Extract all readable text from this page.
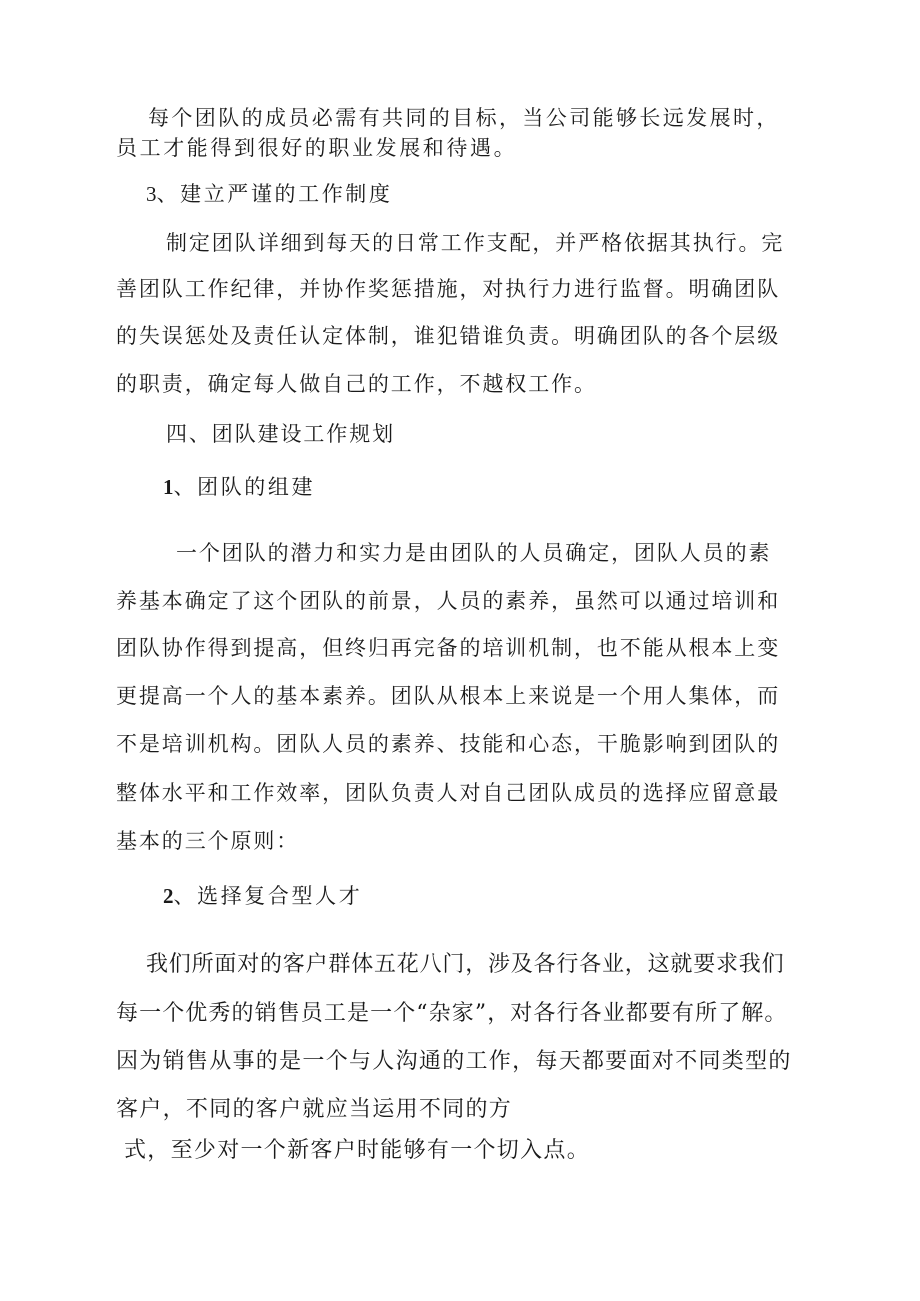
每个团队的成员必需有共同的目标，当公司能够长远发展时，
员工才能得到很好的职业发展和待遇。
3、建立严谨的工作制度
制定团队详细到每天的日常工作支配，并严格依据其执行。完
善团队工作纪律，并协作奖惩措施，对执行力进行监督。明确团队
的失误惩处及责任认定体制，谁犯错谁负责。明确团队的各个层级
的职责，确定每人做自己的工作，不越权工作。
四、团队建设工作规划
1、团队的组建
一个团队的潜力和实力是由团队的人员确定，团队人员的素
养基本确定了这个团队的前景，人员的素养，虽然可以通过培训和
团队协作得到提高，但终归再完备的培训机制，也不能从根本上变
更提高一个人的基本素养。团队从根本上来说是一个用人集体，而
不是培训机构。团队人员的素养、技能和心态，干脆影响到团队的
整体水平和工作效率，团队负责人对自己团队成员的选择应留意最
基本的三个原则：
2、选择复合型人才
我们所面对的客户群体五花八门，涉及各行各业，这就要求我们
每一个优秀的销售员工是一个“杂家”，对各行各业都要有所了解。
因为销售从事的是一个与人沟通的工作，每天都要面对不同类型的
客户，不同的客户就应当运用不同的方
式，至少对一个新客户时能够有一个切入点。
